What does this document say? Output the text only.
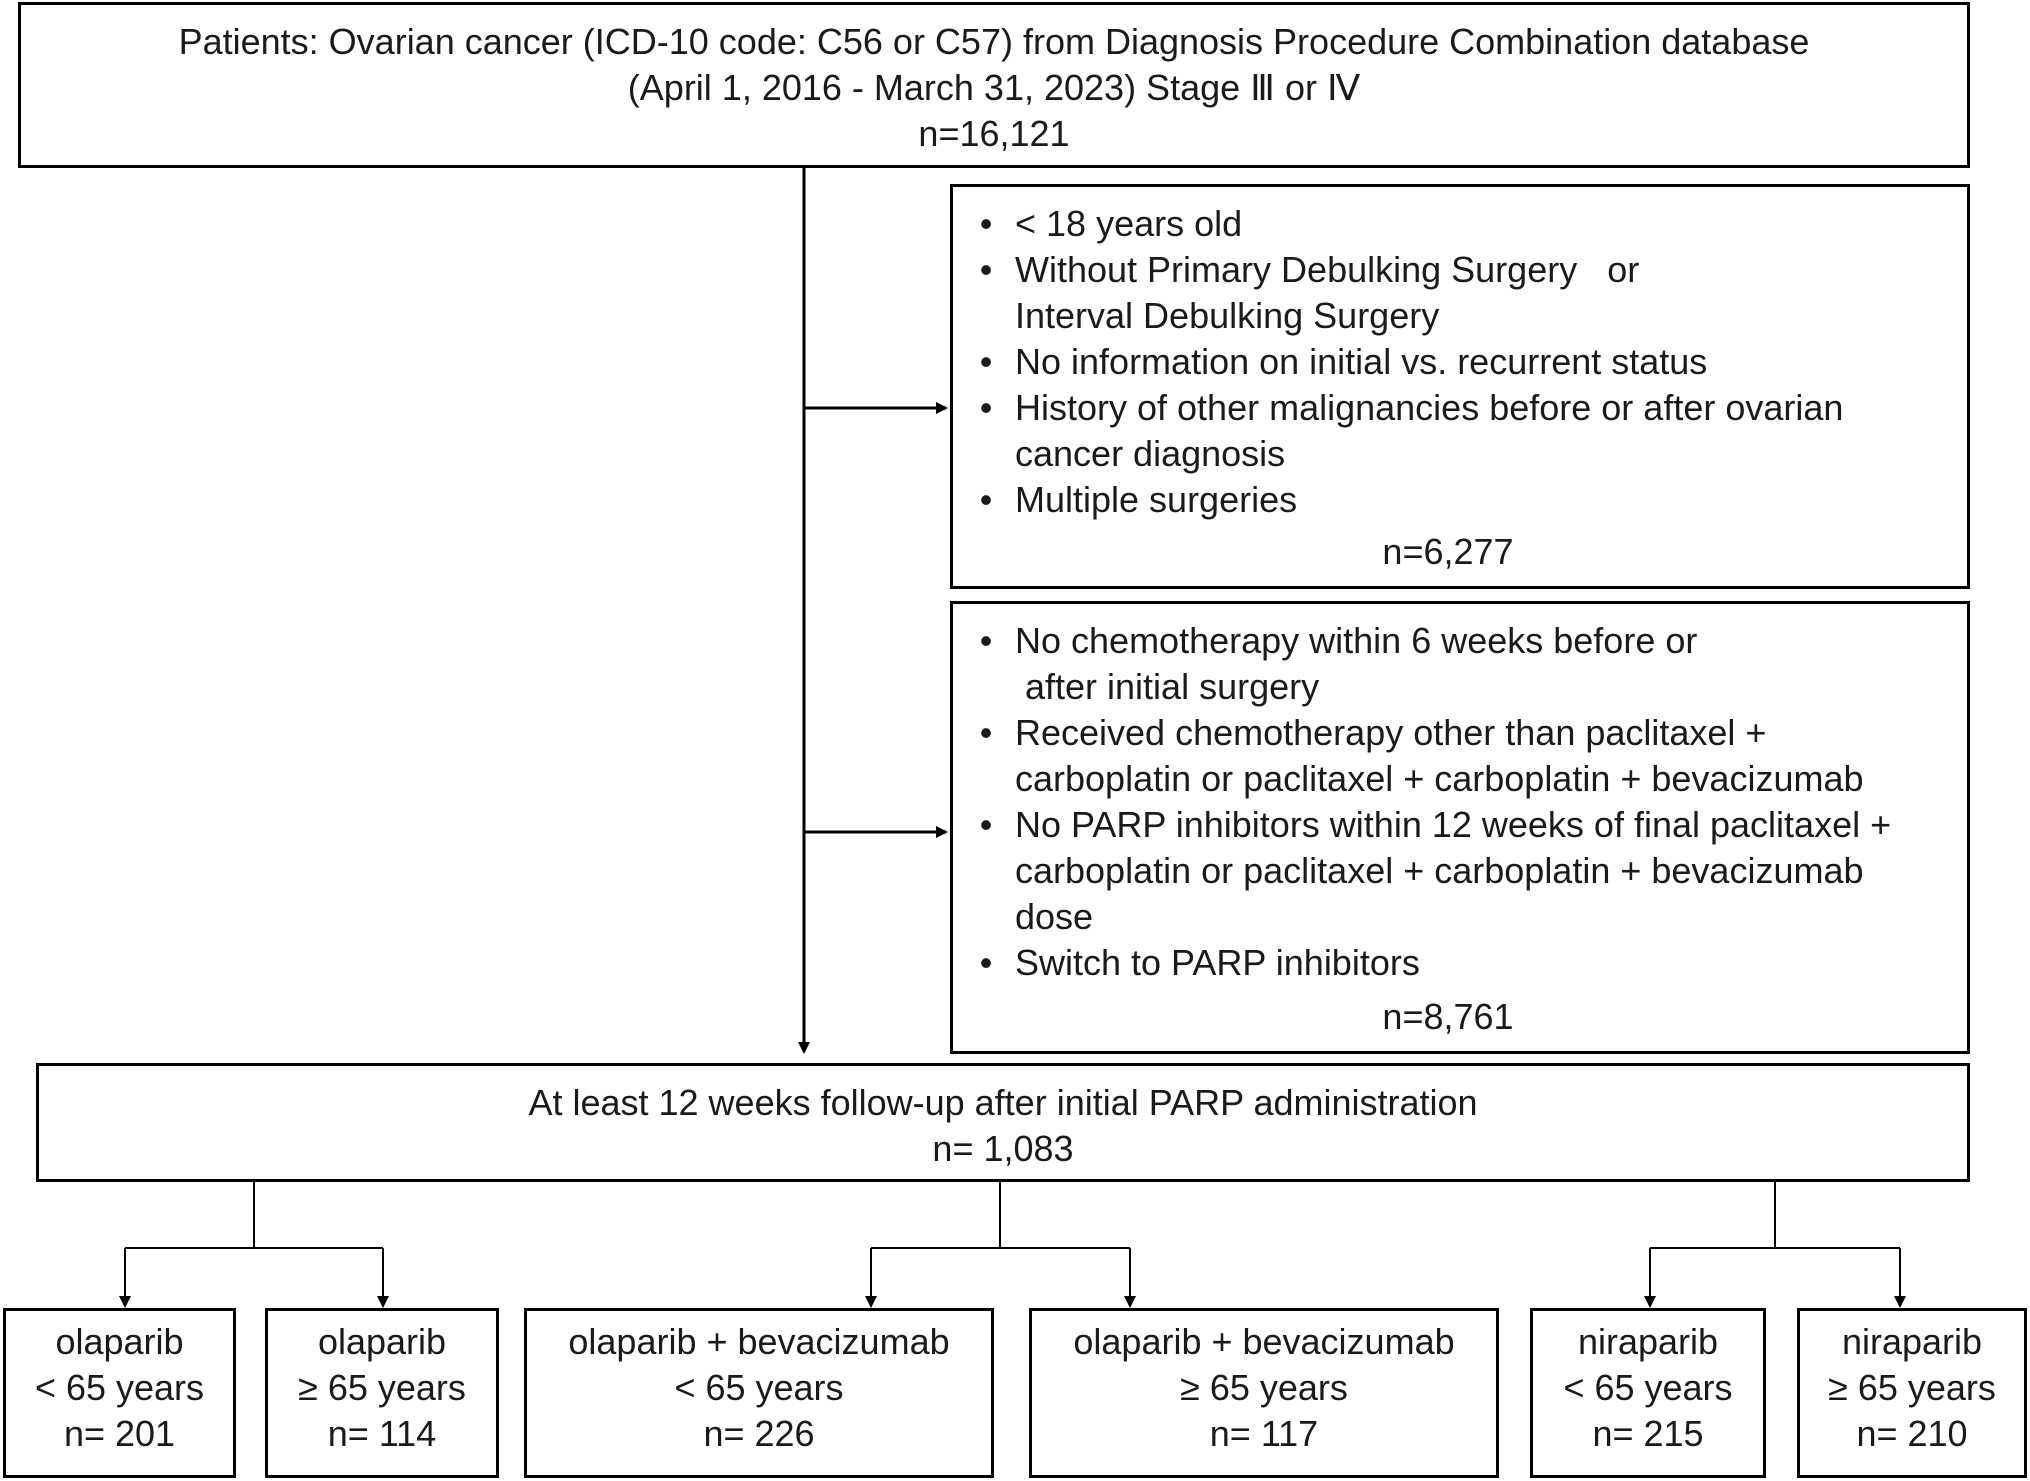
Patients: Ovarian cancer (ICD-10 code: C56 or C57) from Diagnosis Procedure Combination database
(April 1, 2016 - March 31, 2023) Stage Ⅲ or Ⅳ
n=16,121
• < 18 years old
• Without Primary Debulking Surgery   or
Interval Debulking Surgery
• No information on initial vs. recurrent status
• History of other malignancies before or after ovarian
cancer diagnosis
• Multiple surgeries
n=6,277
• No chemotherapy within 6 weeks before or
after initial surgery
• Received chemotherapy other than paclitaxel +
carboplatin or paclitaxel + carboplatin + bevacizumab
• No PARP inhibitors within 12 weeks of final paclitaxel +
carboplatin or paclitaxel + carboplatin + bevacizumab
dose
• Switch to PARP inhibitors
n=8,761
At least 12 weeks follow-up after initial PARP administration
n= 1,083
olaparib
< 65 years
n= 201
olaparib
≥ 65 years
n= 114
olaparib + bevacizumab
< 65 years
n= 226
olaparib + bevacizumab
≥ 65 years
n= 117
niraparib
< 65 years
n= 215
niraparib
≥ 65 years
n= 210
